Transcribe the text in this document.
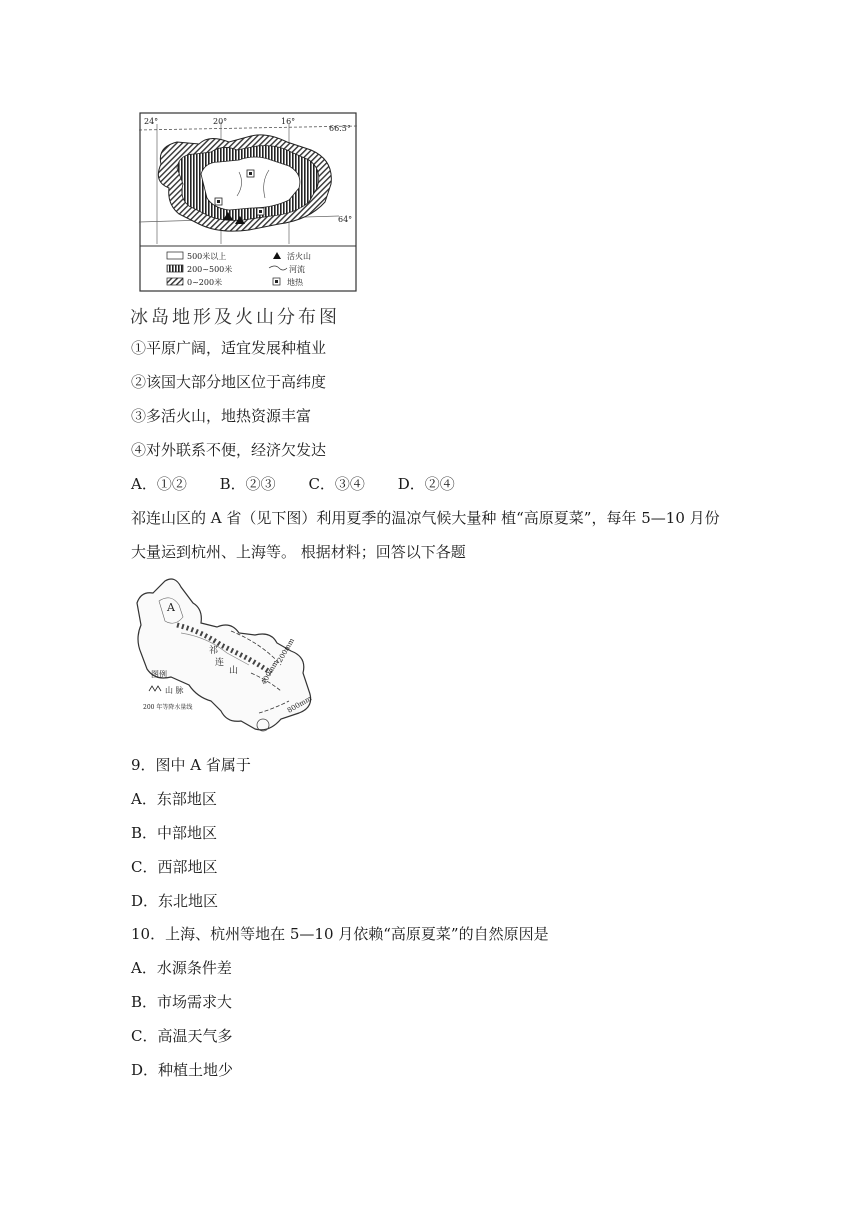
24°	20°	16°
66.5°
64°
500米以上
200~500米
0~200米
活火山
河流
地热
冰岛地形及火山分布图
①平原广阔，适宜发展种植业
②该国大部分地区位于高纬度
③多活火山，地热资源丰富
④对外联系不便，经济欠发达
A．①② B．②③ C．③④ D．②④
祁连山区的 A 省（见下图）利用夏季的温凉气候大量种 植“高原夏菜”，每年 5—10 月份
大量运到杭州、上海等。 根据材料；回答以下各题
A
祁
连
山
200mm
400mm
800mm
图例
山 脉
200 年等降水量线
9．图中 A 省属于
A．东部地区
B．中部地区
C．西部地区
D．东北地区
10．上海、杭州等地在 5—10 月依赖“高原夏菜”的自然原因是
A．水源条件差
B．市场需求大
C．高温天气多
D．种植土地少
